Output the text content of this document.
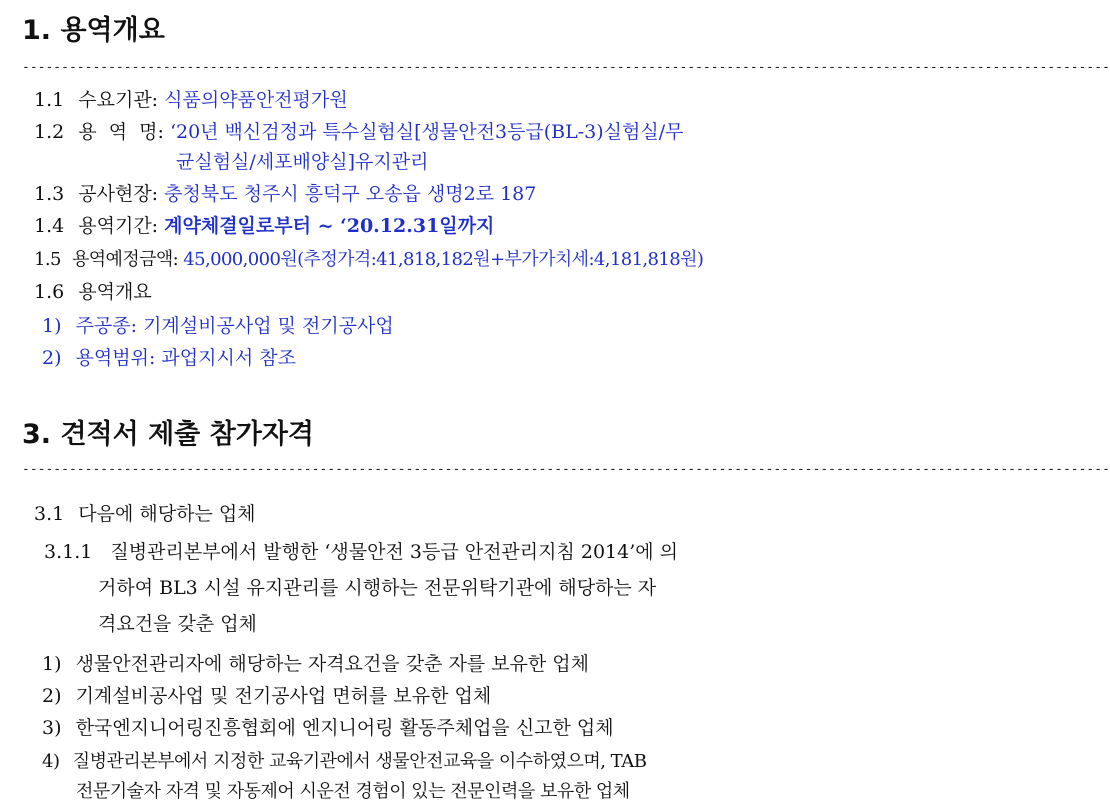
1. 용역개요
-------------------------------------------------------------------------------------------------------------------------------------------
1.1 수요기관: 식품의약품안전평가원
1.2 용  역  명: ‘20년 백신검정과 특수실험실[생물안전3등급(BL-3)실험실/무
균실험실/세포배양실]유지관리
1.3 공사현장: 충청북도 청주시 흥덕구 오송읍 생명2로 187
1.4 용역기간: 계약체결일로부터 ~ ‘20.12.31일까지
1.5 용역예정금액: 45,000,000원(추정가격:41,818,182원+부가가치세:4,181,818원)
1.6 용역개요
1) 주공종: 기계설비공사업 및 전기공사업
2) 용역범위: 과업지시서 참조
3. 견적서 제출 참가자격
-------------------------------------------------------------------------------------------------------------------------------------------
3.1 다음에 해당하는 업체
3.1.1 질병관리본부에서 발행한 ‘생물안전 3등급 안전관리지침 2014’에 의
거하여 BL3 시설 유지관리를 시행하는 전문위탁기관에 해당하는 자
격요건을 갖춘 업체
1) 생물안전관리자에 해당하는 자격요건을 갖춘 자를 보유한 업체
2) 기계설비공사업 및 전기공사업 면허를 보유한 업체
3) 한국엔지니어링진흥협회에 엔지니어링 활동주체업을 신고한 업체
4) 질병관리본부에서 지정한 교육기관에서 생물안전교육을 이수하였으며, TAB
전문기술자 자격 및 자동제어 시운전 경험이 있는 전문인력을 보유한 업체
